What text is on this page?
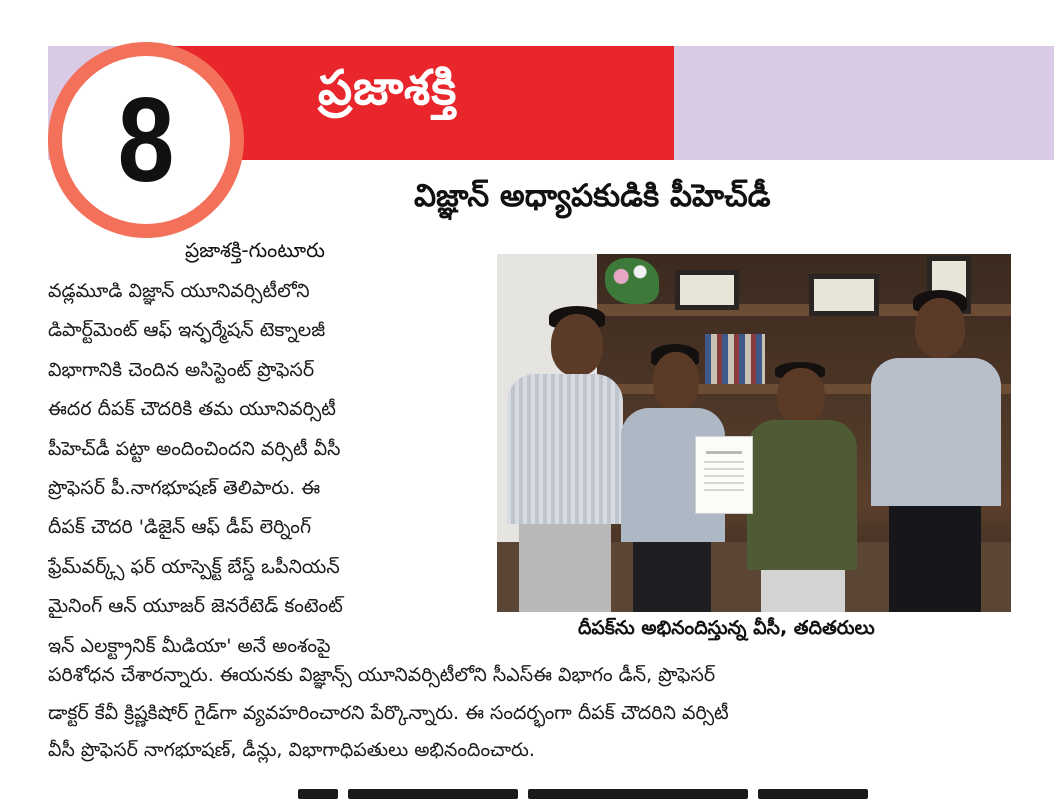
ప్రజాశక్తి
8	విజ్ఞాన్ అధ్యాపకుడికి పీహెచ్‌డీ
ప్రజాశక్తి-గుంటూరు
వడ్లమూడి విజ్ఞాన్ యూనివర్సిటీలోని
డిపార్ట్‌మెంట్ ఆఫ్ ఇన్ఫర్మేషన్ టెక్నాలజీ
విభాగానికి చెందిన అసిస్టెంట్ ప్రొఫెసర్
ఈదర దీపక్ చౌదరికి తమ యూనివర్సిటీ
పీహెచ్‌డీ పట్టా అందించిందని వర్సిటీ వీసీ
ప్రొఫెసర్ పీ.నాగభూషణ్ తెలిపారు. ఈ
దీపక్ చౌదరి 'డిజైన్ ఆఫ్ డీప్ లెర్నింగ్
ఫ్రేమ్‌వర్క్స్ ఫర్ యాస్పెక్ట్ బేస్డ్ ఒపీనియన్
మైనింగ్ ఆన్ యూజర్ జెనరేటెడ్ కంటెంట్
ఇన్ ఎలక్ట్రానిక్ మీడియా' అనే అంశంపై
దీపక్‌ను అభినందిస్తున్న వీసీ, తదితరులు
పరిశోధన చేశారన్నారు. ఈయనకు విజ్ఞాన్స్ యూనివర్సిటీలోని సీఎస్ఈ విభాగం డీన్, ప్రొఫెసర్
డాక్టర్ కేవీ క్రిష్ణకిషోర్ గైడ్‌గా వ్యవహరించారని పేర్కొన్నారు. ఈ సందర్భంగా దీపక్ చౌదరిని వర్సిటీ
వీసీ ప్రొఫెసర్ నాగభూషణ్, డీన్లు, విభాగాధిపతులు అభినందించారు.
